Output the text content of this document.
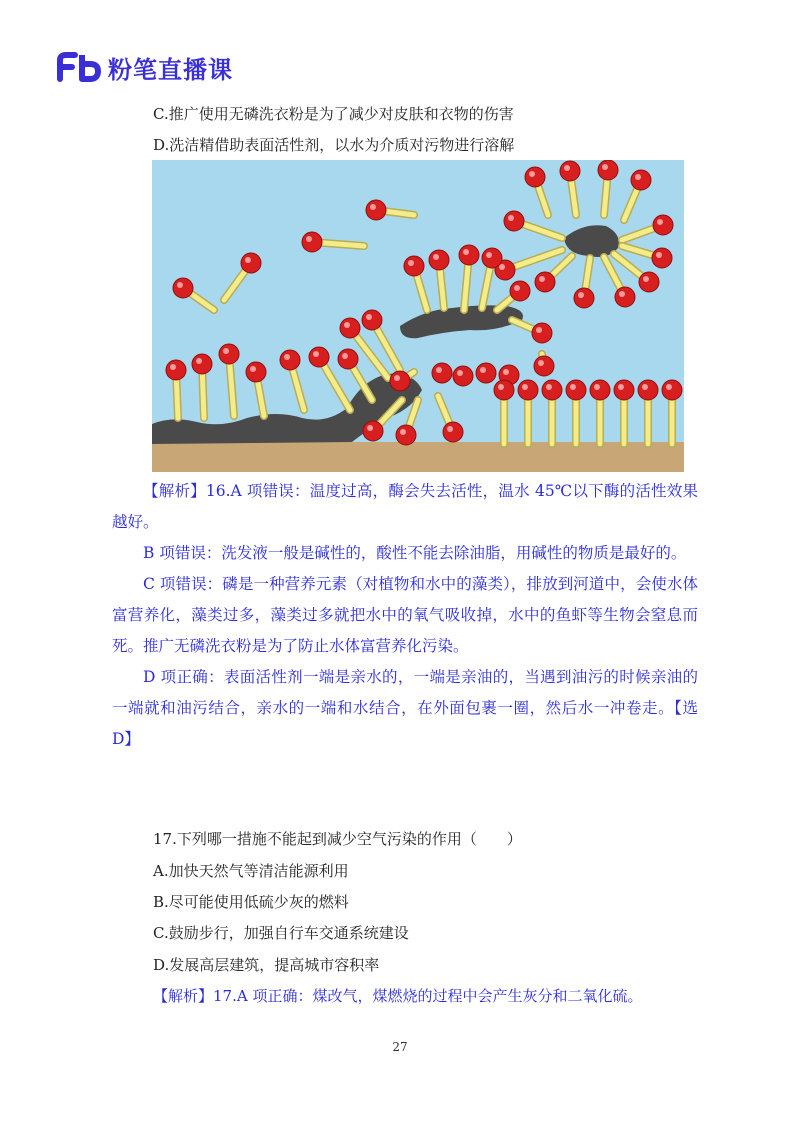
粉笔直播课
C.推广使用无磷洗衣粉是为了减少对皮肤和衣物的伤害
D.洗洁精借助表面活性剂，以水为介质对污物进行溶解

【解析】16.A 项错误：温度过高，酶会失去活性，温水 45℃以下酶的活性效果越好。

B 项错误：洗发液一般是碱性的，酸性不能去除油脂，用碱性的物质是最好的。

C 项错误：磷是一种营养元素（对植物和水中的藻类），排放到河道中，会使水体富营养化，藻类过多，藻类过多就把水中的氧气吸收掉，水中的鱼虾等生物会窒息而死。推广无磷洗衣粉是为了防止水体富营养化污染。

D 项正确：表面活性剂一端是亲水的，一端是亲油的，当遇到油污的时候亲油的一端就和油污结合，亲水的一端和水结合，在外面包裹一圈，然后水一冲卷走。【选 D】

17.下列哪一措施不能起到减少空气污染的作用（　　）
A.加快天然气等清洁能源利用
B.尽可能使用低硫少灰的燃料
C.鼓励步行，加强自行车交通系统建设
D.发展高层建筑，提高城市容积率
【解析】17.A 项正确：煤改气，煤燃烧的过程中会产生灰分和二氧化硫。
27
